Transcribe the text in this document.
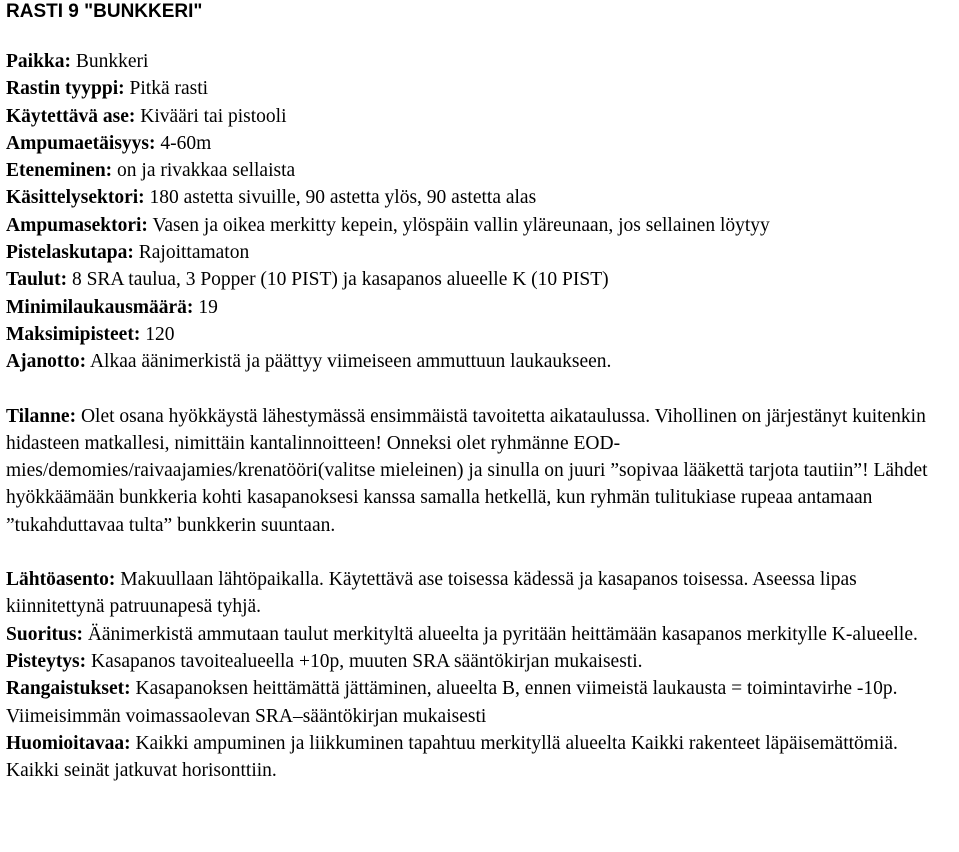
RASTI 9 "BUNKKERI"
Paikka: Bunkkeri
Rastin tyyppi: Pitkä rasti
Käytettävä ase: Kivääri tai pistooli
Ampumaetäisyys: 4-60m
Eteneminen: on ja rivakkaa sellaista
Käsittelysektori: 180 astetta sivuille, 90 astetta ylös, 90 astetta alas
Ampumasektori: Vasen ja oikea merkitty kepein, ylöspäin vallin yläreunaan, jos sellainen löytyy
Pistelaskutapa: Rajoittamaton
Taulut: 8 SRA taulua, 3 Popper (10 PIST) ja kasapanos alueelle K (10 PIST)
Minimilaukausmäärä: 19
Maksimipisteet: 120
Ajanotto: Alkaa äänimerkistä ja päättyy viimeiseen ammuttuun laukaukseen.
Tilanne: Olet osana hyökkäystä lähestymässä ensimmäistä tavoitetta aikataulussa. Vihollinen on järjestänyt kuitenkin hidasteen matkallesi, nimittäin kantalinnoitteen! Onneksi olet ryhmänne EOD-mies/demomies/raivaajamies/krenatööri(valitse mieleinen) ja sinulla on juuri ”sopivaa lääkettä tarjota tautiin”! Lähdet hyökkäämään bunkkeria kohti kasapanoksesi kanssa samalla hetkellä, kun ryhmän tulitukiase rupeaa antamaan ”tukahduttavaa tulta” bunkkerin suuntaan.
Lähtöasento: Makuullaan lähtöpaikalla. Käytettävä ase toisessa kädessä ja kasapanos toisessa. Aseessa lipas kiinnitettynä patruunapesä tyhjä.
Suoritus: Äänimerkistä ammutaan taulut merkityltä alueelta ja pyritään heittämään kasapanos merkitylle K-alueelle.
Pisteytys: Kasapanos tavoitealueella +10p, muuten SRA sääntökirjan mukaisesti.
Rangaistukset: Kasapanoksen heittämättä jättäminen, alueelta B, ennen viimeistä laukausta = toimintavirhe -10p.
Viimeisimmän voimassaolevan SRA–sääntökirjan mukaisesti
Huomioitavaa: Kaikki ampuminen ja liikkuminen tapahtuu merkityllä alueelta Kaikki rakenteet läpäisemättömiä. Kaikki seinät jatkuvat horisonttiin.
